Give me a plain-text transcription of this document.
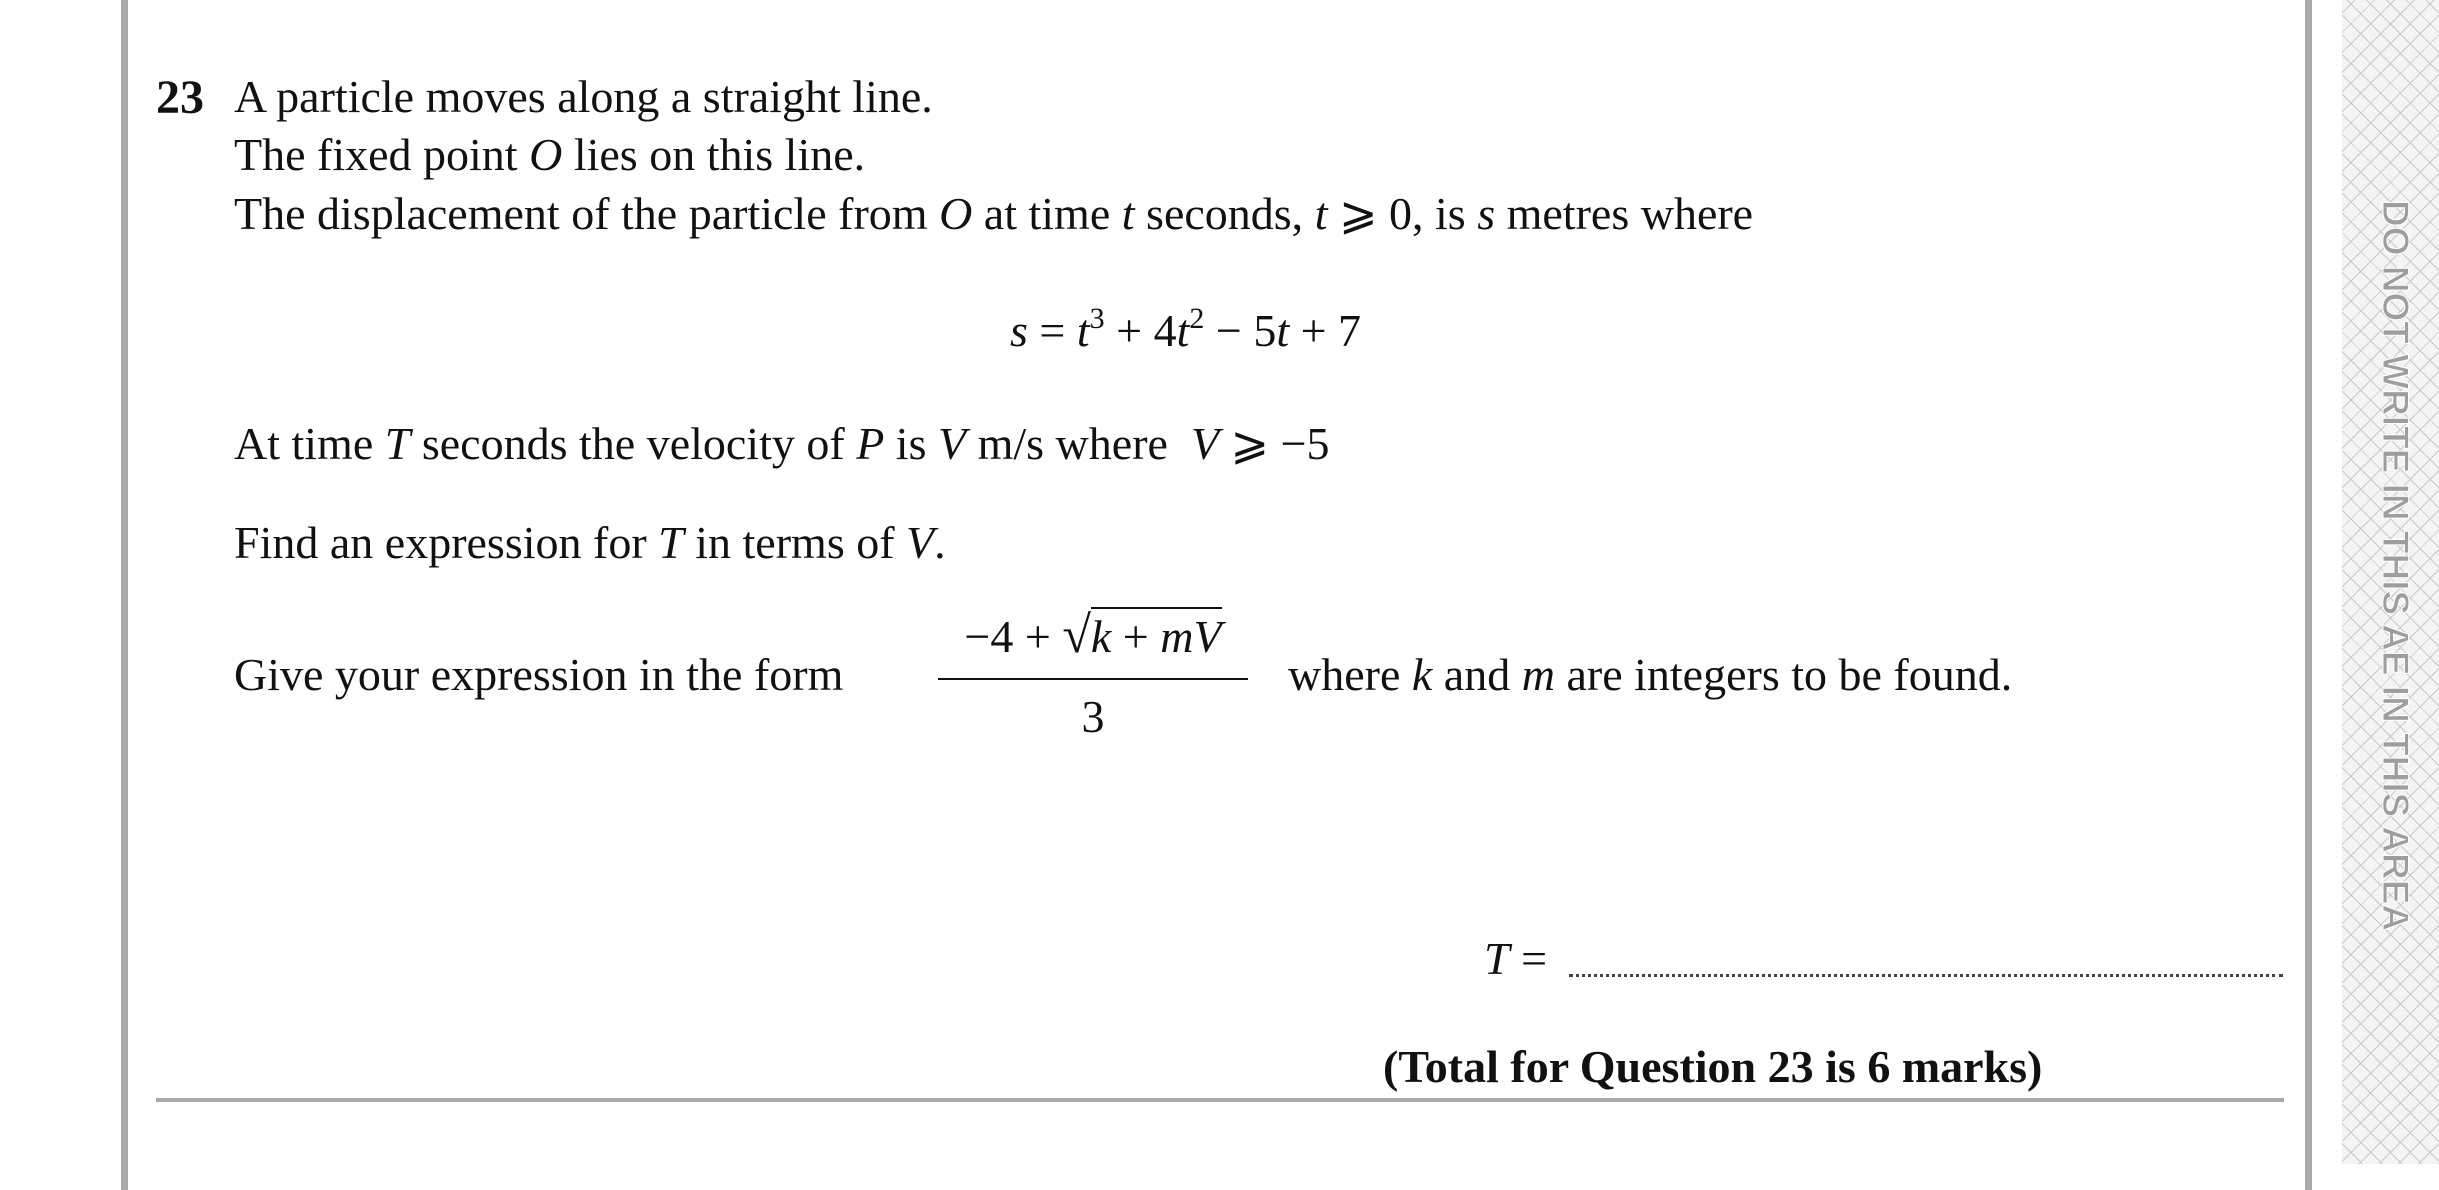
DO NOT WRITE IN THIS AE IN THIS AREA
23 A particle moves along a straight line.
The fixed point O lies on this line.
The displacement of the particle from O at time t seconds, t ⩾ 0, is s metres where
$s = t^3 + 4t^2 - 5t + 7$
At time T seconds the velocity of P is V m/s where  V ⩾ −5
Find an expression for T in terms of V.
Give your expression in the form
−4 + √k + mV
3
where k and m are integers to be found.
T =
(Total for Question 23 is 6 marks)
